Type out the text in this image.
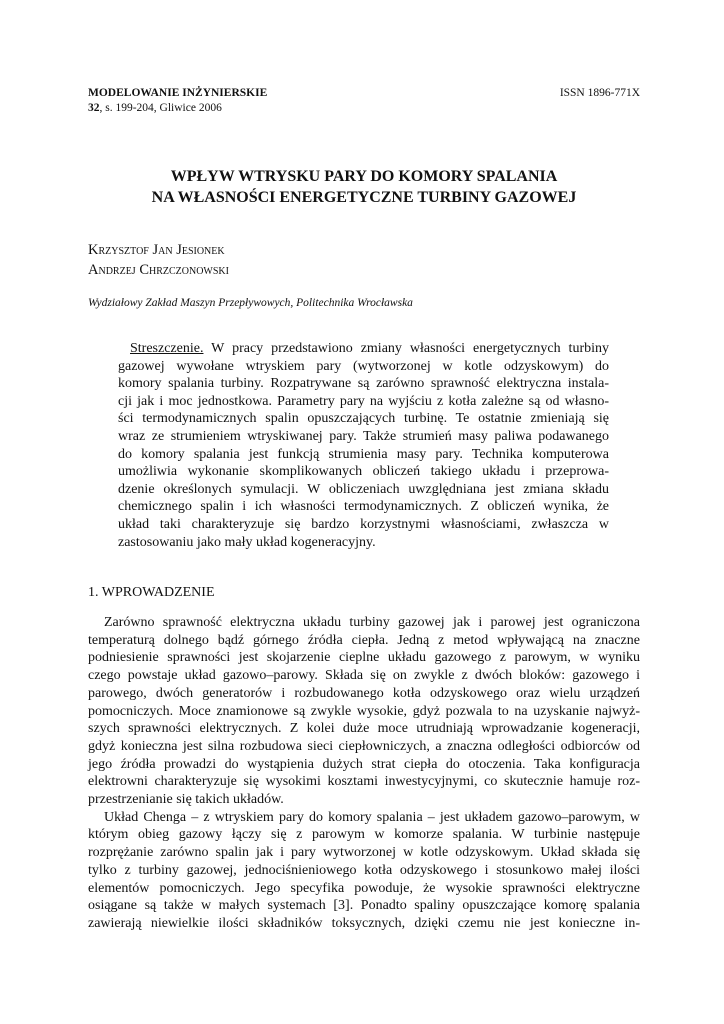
MODELOWANIE INŻYNIERSKIE	ISSN 1896-771X
32, s. 199-204, Gliwice 2006
WPŁYW WTRYSKU PARY DO KOMORY SPALANIA
NA WŁASNOŚCI ENERGETYCZNE TURBINY GAZOWEJ
Krzysztof Jan Jesionek
Andrzej Chrzczonowski
Wydziałowy Zakład Maszyn Przepływowych, Politechnika Wrocławska
Streszczenie. W pracy przedstawiono zmiany własności energetycznych turbiny
gazowej wywołane wtryskiem pary (wytworzonej w kotle odzyskowym) do
komory spalania turbiny. Rozpatrywane są zarówno sprawność elektryczna instala-
cji jak i moc jednostkowa. Parametry pary na wyjściu z kotła zależne są od własno-
ści termodynamicznych spalin opuszczających turbinę. Te ostatnie zmieniają się
wraz ze strumieniem wtryskiwanej pary. Także strumień masy paliwa podawanego
do komory spalania jest funkcją strumienia masy pary. Technika komputerowa
umożliwia wykonanie skomplikowanych obliczeń takiego układu i przeprowa-
dzenie określonych symulacji. W obliczeniach uwzględniana jest zmiana składu
chemicznego spalin i ich własności termodynamicznych. Z obliczeń wynika, że
układ taki charakteryzuje się bardzo korzystnymi własnościami, zwłaszcza w
zastosowaniu jako mały układ kogeneracyjny.
1. WPROWADZENIE
Zarówno sprawność elektryczna układu turbiny gazowej jak i parowej jest ograniczona
temperaturą dolnego bądź górnego źródła ciepła. Jedną z metod wpływającą na znaczne
podniesienie sprawności jest skojarzenie cieplne układu gazowego z parowym, w wyniku
czego powstaje układ gazowo–parowy. Składa się on zwykle z dwóch bloków: gazowego i
parowego, dwóch generatorów i rozbudowanego kotła odzyskowego oraz wielu urządzeń
pomocniczych. Moce znamionowe są zwykle wysokie, gdyż pozwala to na uzyskanie najwyż-
szych sprawności elektrycznych. Z kolei duże moce utrudniają wprowadzanie kogeneracji,
gdyż konieczna jest silna rozbudowa sieci ciepłowniczych, a znaczna odległości odbiorców od
jego źródła prowadzi do wystąpienia dużych strat ciepła do otoczenia. Taka konfiguracja
elektrowni charakteryzuje się wysokimi kosztami inwestycyjnymi, co skutecznie hamuje roz-
przestrzenianie się takich układów.
Układ Chenga – z wtryskiem pary do komory spalania – jest układem gazowo–parowym, w
którym obieg gazowy łączy się z parowym w komorze spalania. W turbinie następuje
rozprężanie zarówno spalin jak i pary wytworzonej w kotle odzyskowym. Układ składa się
tylko z turbiny gazowej, jednociśnieniowego kotła odzyskowego i stosunkowo małej ilości
elementów pomocniczych. Jego specyfika powoduje, że wysokie sprawności elektryczne
osiągane są także w małych systemach [3]. Ponadto spaliny opuszczające komorę spalania
zawierają niewielkie ilości składników toksycznych, dzięki czemu nie jest konieczne in-
